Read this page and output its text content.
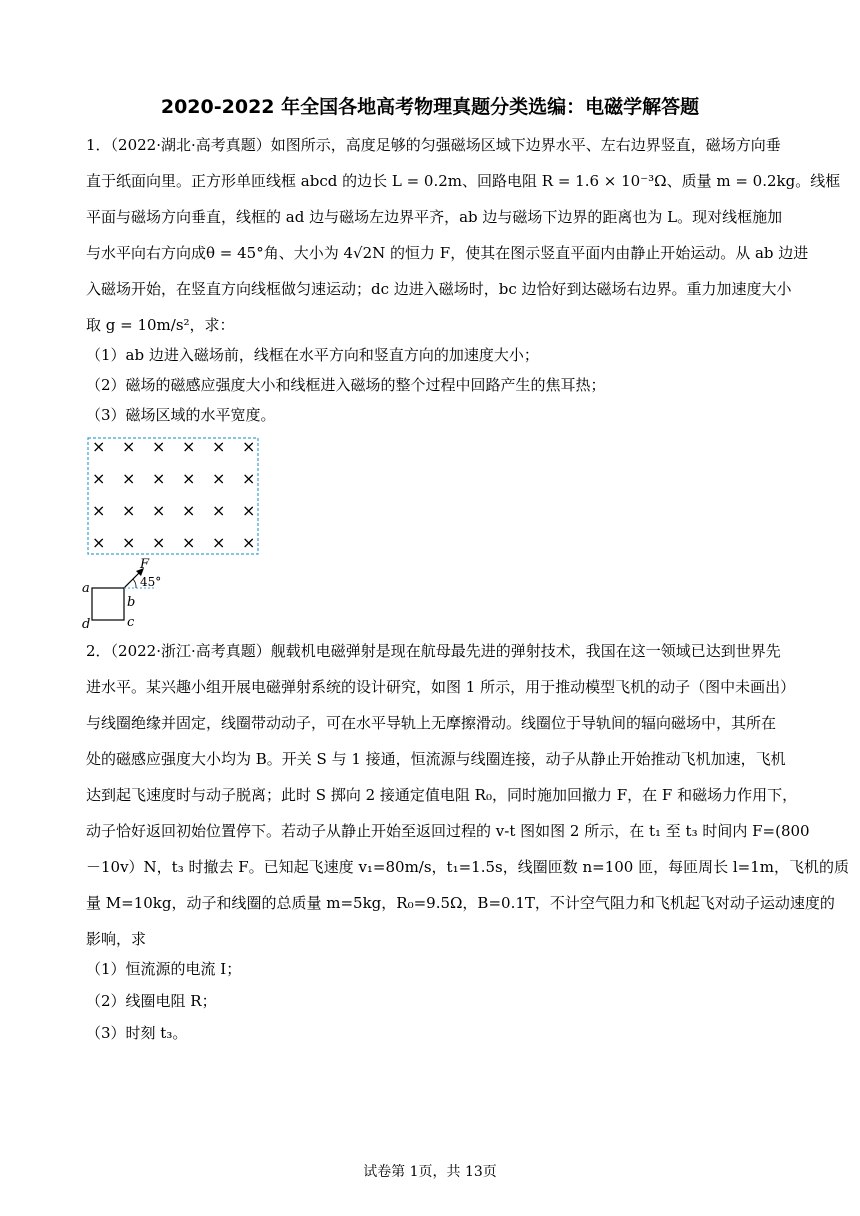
2020-2022 年全国各地高考物理真题分类选编：电磁学解答题
1．（2022·湖北·高考真题）如图所示，高度足够的匀强磁场区域下边界水平、左右边界竖直，磁场方向垂
直于纸面向里。正方形单匝线框 abcd 的边长 L = 0.2m、回路电阻 R = 1.6 × 10⁻³Ω、质量 m = 0.2kg。线框
平面与磁场方向垂直，线框的 ad 边与磁场左边界平齐，ab 边与磁场下边界的距离也为 L。现对线框施加
与水平向右方向成θ = 45°角、大小为 4√2N 的恒力 F，使其在图示竖直平面内由静止开始运动。从 ab 边进
入磁场开始，在竖直方向线框做匀速运动；dc 边进入磁场时，bc 边恰好到达磁场右边界。重力加速度大小
取 g = 10m/s²，求：
（1）ab 边进入磁场前，线框在水平方向和竖直方向的加速度大小；
（2）磁场的磁感应强度大小和线框进入磁场的整个过程中回路产生的焦耳热；
（3）磁场区域的水平宽度。
× × × × × ×
× × × × × ×
× × × × × ×
× × × × × ×
F
a
b
c
d
45°
2．（2022·浙江·高考真题）舰载机电磁弹射是现在航母最先进的弹射技术，我国在这一领域已达到世界先
进水平。某兴趣小组开展电磁弹射系统的设计研究，如图 1 所示，用于推动模型飞机的动子（图中未画出）
与线圈绝缘并固定，线圈带动动子，可在水平导轨上无摩擦滑动。线圈位于导轨间的辐向磁场中，其所在
处的磁感应强度大小均为 B。开关 S 与 1 接通，恒流源与线圈连接，动子从静止开始推动飞机加速，飞机
达到起飞速度时与动子脱离；此时 S 掷向 2 接通定值电阻 R₀，同时施加回撤力 F，在 F 和磁场力作用下，
动子恰好返回初始位置停下。若动子从静止开始至返回过程的 v-t 图如图 2 所示，在 t₁ 至 t₃ 时间内 F=(800
－10v）N，t₃ 时撤去 F。已知起飞速度 v₁=80m/s，t₁=1.5s，线圈匝数 n=100 匝，每匝周长 l=1m，飞机的质
量 M=10kg，动子和线圈的总质量 m=5kg，R₀=9.5Ω，B=0.1T，不计空气阻力和飞机起飞对动子运动速度的
影响，求
（1）恒流源的电流 I；
（2）线圈电阻 R；
（3）时刻 t₃。
试卷第 1页，共 13页
